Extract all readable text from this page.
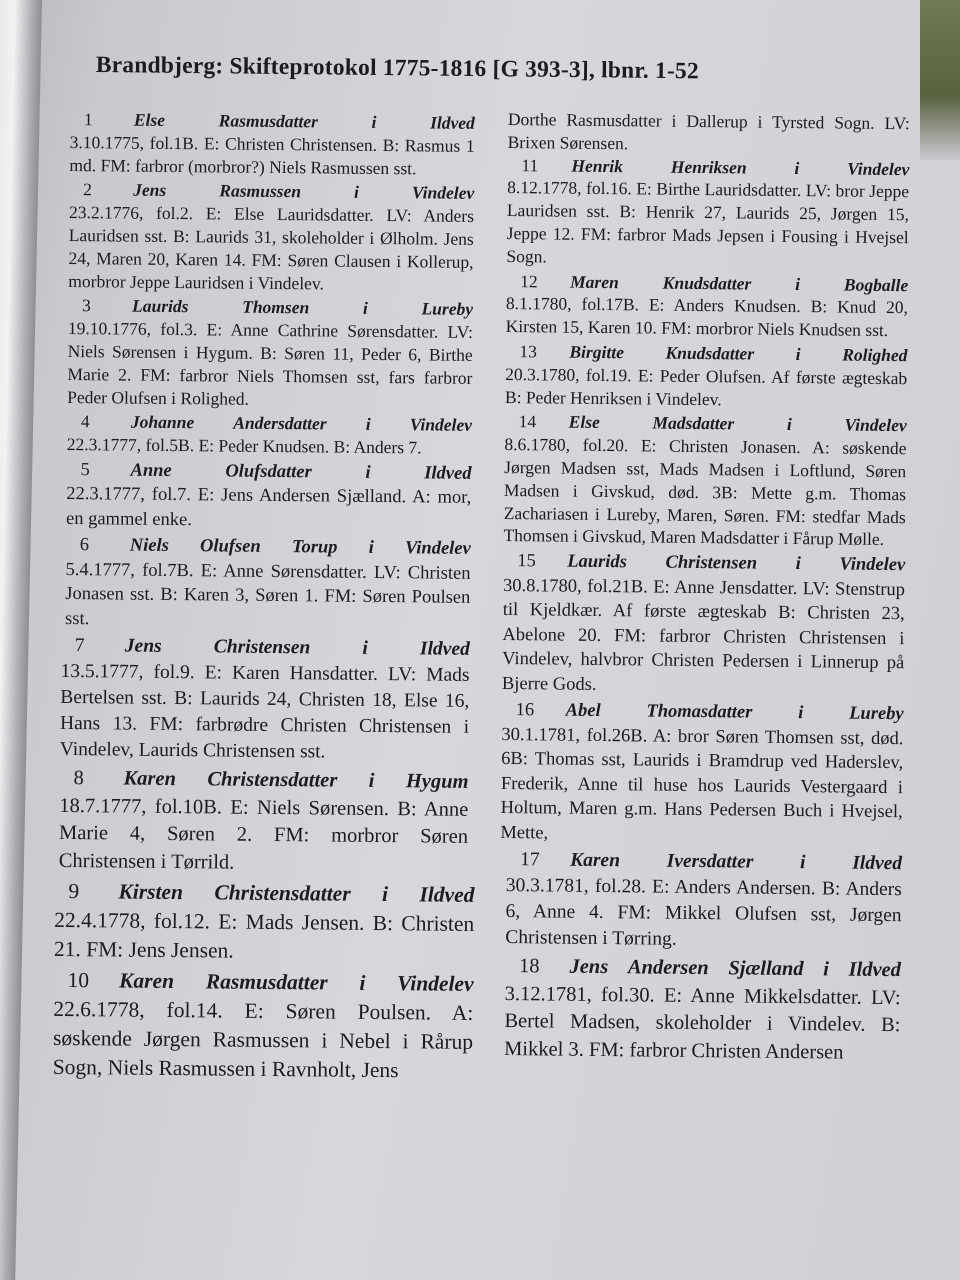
Brandbjerg: Skifteprotokol 1775-1816 [G 393-3], lbnr. 1-52
1	Else	Rasmusdatter	i	Ildved
3.10.1775, fol.1B. E: Christen Christensen. B: Rasmus 1 md. FM: farbror (morbror?) Niels Rasmussen sst.
2	Jens	Rasmussen	i	Vindelev
23.2.1776, fol.2. E: Else Lauridsdatter. LV: Anders Lauridsen sst. B: Laurids 31, skoleholder i Ølholm. Jens 24, Maren 20, Karen 14. FM: Søren Clausen i Kollerup, morbror Jeppe Lauridsen i Vindelev.
3	Laurids	Thomsen	i	Lureby
19.10.1776, fol.3. E: Anne Cathrine Sørensdatter. LV: Niels Sørensen i Hygum. B: Søren 11, Peder 6, Birthe Marie 2. FM: farbror Niels Thomsen sst, fars farbror Peder Olufsen i Rolighed.
4	Johanne Andersdatter i Vindelev
22.3.1777, fol.5B. E: Peder Knudsen. B: Anders 7.
5	Anne	Olufsdatter	i	Ildved
22.3.1777, fol.7. E: Jens Andersen Sjælland. A: mor, en gammel enke.
6	Niels Olufsen Torup i Vindelev
5.4.1777, fol.7B. E: Anne Sørensdatter. LV: Christen Jonasen sst. B: Karen 3, Søren 1. FM: Søren Poulsen sst.
7	Jens	Christensen	i	Ildved
13.5.1777, fol.9. E: Karen Hansdatter. LV: Mads Bertelsen sst. B: Laurids 24, Christen 18, Else 16, Hans 13. FM: farbrødre Christen Christensen i Vindelev, Laurids Christensen sst.
8	Karen Christensdatter i Hygum
18.7.1777, fol.10B. E: Niels Sørensen. B: Anne Marie 4, Søren 2. FM: morbror Søren Christensen i Tørrild.
9	Kirsten Christensdatter i Ildved
22.4.1778, fol.12. E: Mads Jensen. B: Christen 21. FM: Jens Jensen.
10 Karen Rasmusdatter i Vindelev
22.6.1778, fol.14. E: Søren Poulsen. A: søskende Jørgen Rasmussen i Nebel i Rårup Sogn, Niels Rasmussen i Ravnholt, Jens
Dorthe Rasmusdatter i Dallerup i Tyrsted Sogn. LV: Brixen Sørensen.
11 Henrik	Henriksen	i	Vindelev
8.12.1778, fol.16. E: Birthe Lauridsdatter. LV: bror Jeppe Lauridsen sst. B: Henrik 27, Laurids 25, Jørgen 15, Jeppe 12. FM: farbror Mads Jepsen i Fousing i Hvejsel Sogn.
12 Maren Knudsdatter i Bogballe
8.1.1780, fol.17B. E: Anders Knudsen. B: Knud 20, Kirsten 15, Karen 10. FM: morbror Niels Knudsen sst.
13 Birgitte Knudsdatter i Rolighed
20.3.1780, fol.19. E: Peder Olufsen. Af første ægteskab B: Peder Henriksen i Vindelev.
14 Else	Madsdatter	i	Vindelev
8.6.1780, fol.20. E: Christen Jonasen. A: søskende Jørgen Madsen sst, Mads Madsen i Loftlund, Søren Madsen i Givskud, død. 3B: Mette g.m. Thomas Zachariasen i Lureby, Maren, Søren. FM: stedfar Mads Thomsen i Givskud, Maren Madsdatter i Fårup Mølle.
15 Laurids Christensen i Vindelev
30.8.1780, fol.21B. E: Anne Jensdatter. LV: Stenstrup til Kjeldkær. Af første ægteskab B: Christen 23, Abelone 20. FM: farbror Christen Christensen i Vindelev, halvbror Christen Pedersen i Linnerup på Bjerre Gods.
16 Abel Thomasdatter i Lureby
30.1.1781, fol.26B. A: bror Søren Thomsen sst, død. 6B: Thomas sst, Laurids i Bramdrup ved Haderslev, Frederik, Anne til huse hos Laurids Vestergaard i Holtum, Maren g.m. Hans Pedersen Buch i Hvejsel, Mette,
17 Karen Iversdatter i Ildved
30.3.1781, fol.28. E: Anders Andersen. B: Anders 6, Anne 4. FM: Mikkel Olufsen sst, Jørgen Christensen i Tørring.
18 Jens Andersen Sjælland i Ildved
3.12.1781, fol.30. E: Anne Mikkelsdatter. LV: Bertel Madsen, skoleholder i Vindelev. B: Mikkel 3. FM: farbror Christen Andersen
